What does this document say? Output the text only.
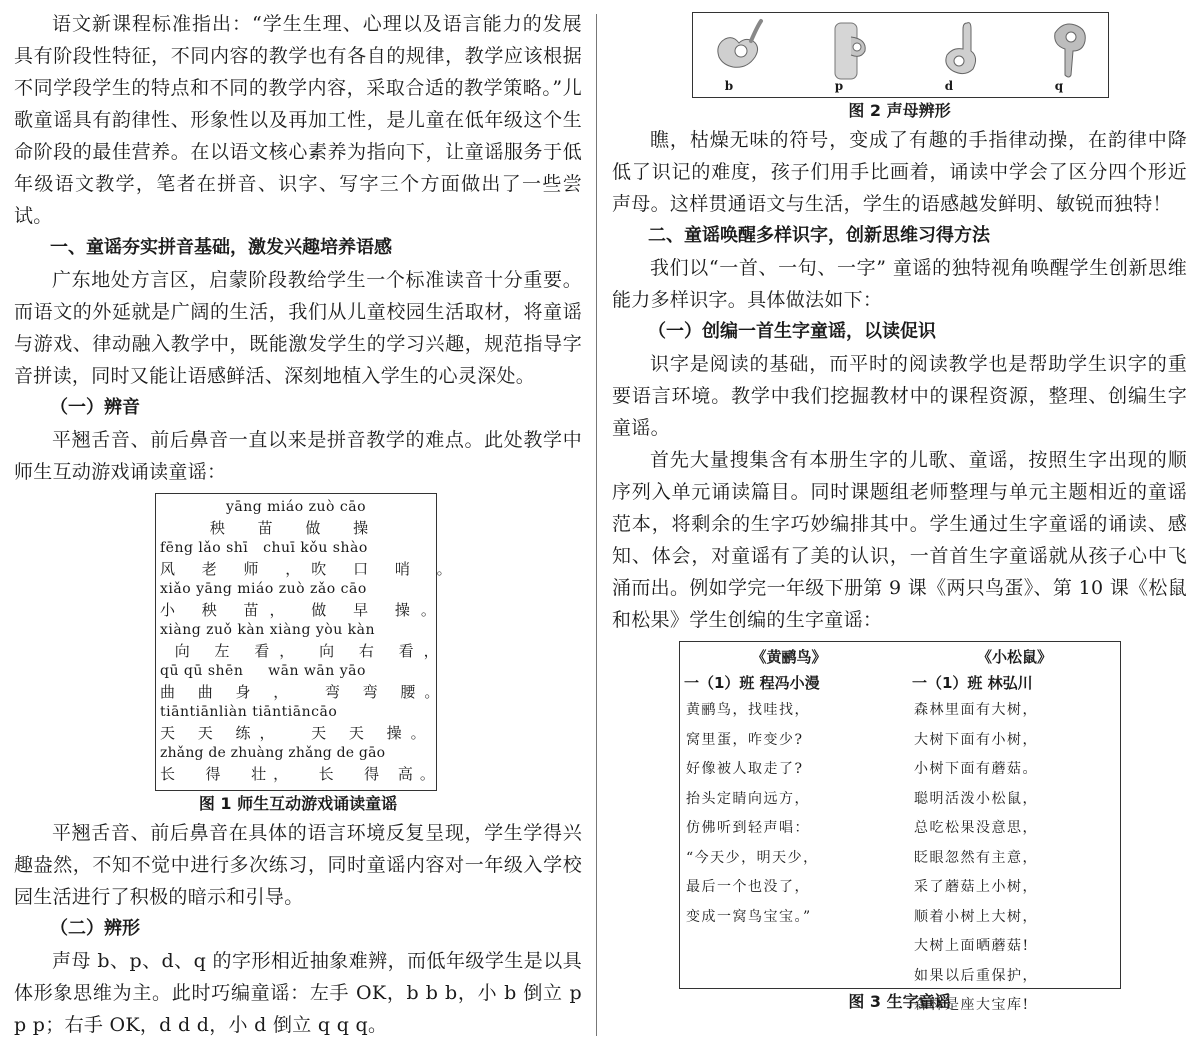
语文新课程标准指出：“学生生理、心理以及语言能力的发展具有阶段性特征，不同内容的教学也有各自的规律，教学应该根据不同学段学生的特点和不同的教学内容，采取合适的教学策略。”儿歌童谣具有韵律性、形象性以及再加工性，是儿童在低年级这个生命阶段的最佳营养。在以语文核心素养为指向下，让童谣服务于低年级语文教学，笔者在拼音、识字、写字三个方面做出了一些尝试。

一、童谣夯实拼音基础，激发兴趣培养语感

广东地处方言区，启蒙阶段教给学生一个标准读音十分重要。而语文的外延就是广阔的生活，我们从儿童校园生活取材，将童谣与游戏、律动融入教学中，既能激发学生的学习兴趣，规范指导字音拼读，同时又能让语感鲜活、深刻地植入学生的心灵深处。

（一）辨音

平翘舌音、前后鼻音一直以来是拼音教学的难点。此处教学中师生互动游戏诵读童谣：

yāng miáo zuò cāo
秧 苗 做 操
fēng lǎo shī   chuī kǒu shào
风 老 师 ，吹 口 哨 。
xiǎo yāng miáo zuò zǎo cāo
小 秧 苗， 做 早 操。
xiàng zuǒ kàn xiàng yòu kàn
向 左 看， 向 右 看，
qū qū shēn     wān wān yāo
曲 曲 身 ，  弯 弯 腰。
tiāntiānliàn tiāntiāncāo
天 天 练，  天 天 操。
zhǎng de zhuàng zhǎng de gāo
长  得  壮，  长  得 高。

图 1 师生互动游戏诵读童谣

平翘舌音、前后鼻音在具体的语言环境反复呈现，学生学得兴趣盎然，不知不觉中进行多次练习，同时童谣内容对一年级入学校园生活进行了积极的暗示和引导。

（二）辨形

声母 b、p、d、q 的字形相近抽象难辨，而低年级学生是以具体形象思维为主。此时巧编童谣：左手 OK，b b b，小 b 倒立 p p p；右手 OK，d d d，小 d 倒立 q q q。

b	p	d	q

图 2 声母辨形

瞧，枯燥无味的符号，变成了有趣的手指律动操，在韵律中降低了识记的难度，孩子们用手比画着，诵读中学会了区分四个形近声母。这样贯通语文与生活，学生的语感越发鲜明、敏锐而独特！

二、童谣唤醒多样识字，创新思维习得方法

我们以“一首、一句、一字” 童谣的独特视角唤醒学生创新思维能力多样识字。具体做法如下：

（一）创编一首生字童谣，以读促识

识字是阅读的基础，而平时的阅读教学也是帮助学生识字的重要语言环境。教学中我们挖掘教材中的课程资源，整理、创编生字童谣。

首先大量搜集含有本册生字的儿歌、童谣，按照生字出现的顺序列入单元诵读篇目。同时课题组老师整理与单元主题相近的童谣范本，将剩余的生字巧妙编排其中。学生通过生字童谣的诵读、感知、体会，对童谣有了美的认识，一首首生字童谣就从孩子心中飞涌而出。例如学完一年级下册第 9 课《两只鸟蛋》、第 10 课《松鼠和松果》学生创编的生字童谣：

《黄鹂鸟》
一（1）班 程冯小漫
黄鹂鸟，找哇找，
窝里蛋，咋变少?
好像被人取走了?
抬头定睛向远方，
仿佛听到轻声唱：
“今天少，明天少，
最后一个也没了，
变成一窝鸟宝宝。”
《小松鼠》
一（1）班 林弘川
森林里面有大树，
大树下面有小树，
小树下面有蘑菇。
聪明活泼小松鼠，
总吃松果没意思，
眨眼忽然有主意，
采了蘑菇上小树，
顺着小树上大树，
大树上面晒蘑菇!
如果以后重保护，
森林是座大宝库!

图 3 生字童谣
